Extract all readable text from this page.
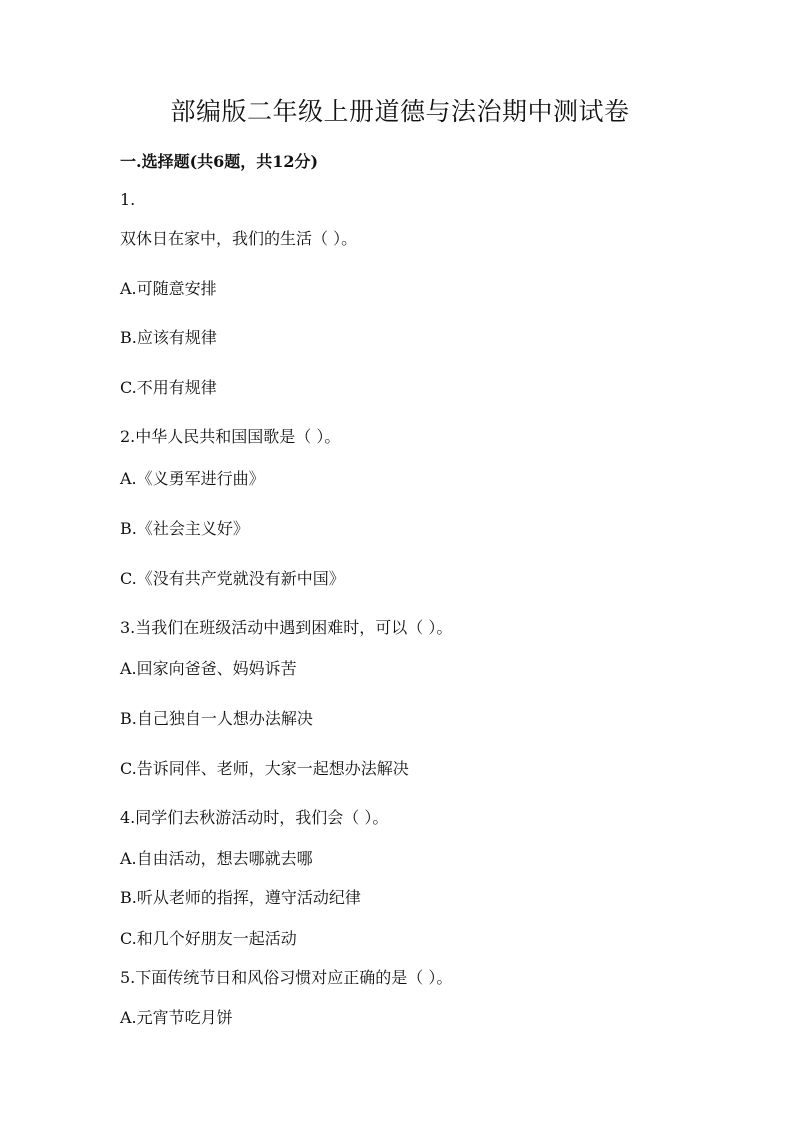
部编版二年级上册道德与法治期中测试卷
一.选择题(共6题，共12分)
1.
双休日在家中，我们的生活（ ）。
A.可随意安排
B.应该有规律
C.不用有规律
2.中华人民共和国国歌是（ ）。
A.《义勇军进行曲》
B.《社会主义好》
C.《没有共产党就没有新中国》
3.当我们在班级活动中遇到困难时，可以（ ）。
A.回家向爸爸、妈妈诉苦
B.自己独自一人想办法解决
C.告诉同伴、老师，大家一起想办法解决
4.同学们去秋游活动时，我们会（ ）。
A.自由活动，想去哪就去哪
B.听从老师的指挥，遵守活动纪律
C.和几个好朋友一起活动
5.下面传统节日和风俗习惯对应正确的是（ ）。
A.元宵节吃月饼
